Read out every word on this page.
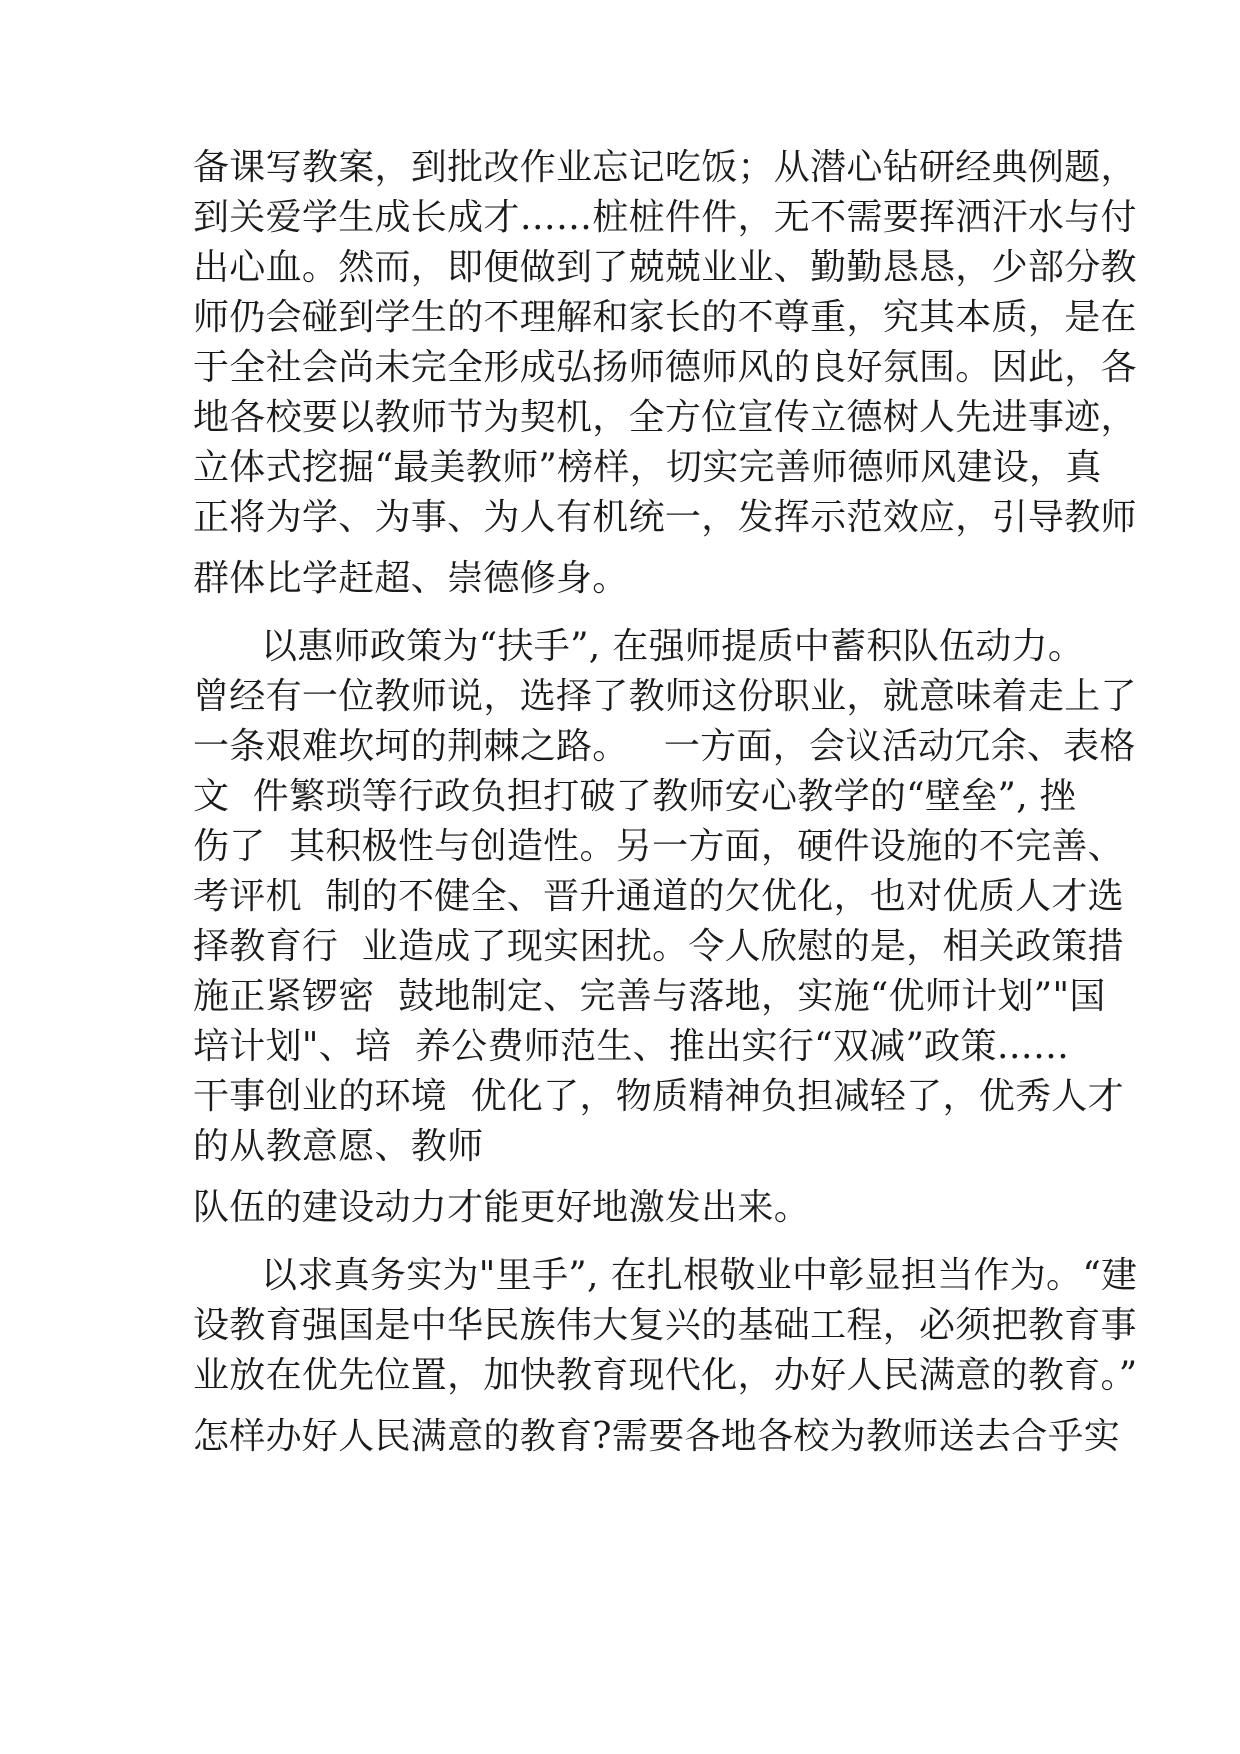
备课写教案，到批改作业忘记吃饭；从潜心钻研经典例题，

到关爱学生成长成才……桩桩件件，无不需要挥洒汗水与付

出心血。然而，即便做到了兢兢业业、勤勤恳恳，少部分教

师仍会碰到学生的不理解和家长的不尊重，究其本质，是在

于全社会尚未完全形成弘扬师德师风的良好氛围。因此，各

地各校要以教师节为契机，全方位宣传立德树人先进事迹，

立体式挖掘“最美教师”榜样，切实完善师德师风建设，真

正将为学、为事、为人有机统一，发挥示范效应，引导教师

群体比学赶超、崇德修身。

以惠师政策为“扶手”, 在强师提质中蓄积队伍动力。

曾经有一位教师说，选择了教师这份职业，就意味着走上了

一条艰难坎坷的荆棘之路。   一方面，会议活动冗余、表格

文  件繁琐等行政负担打破了教师安心教学的“壁垒”, 挫

伤了  其积极性与创造性。另一方面，硬件设施的不完善、

考评机  制的不健全、晋升通道的欠优化，也对优质人才选

择教育行  业造成了现实困扰。令人欣慰的是，相关政策措

施正紧锣密  鼓地制定、完善与落地，实施“优师计划”"国

培计划"、培  养公费师范生、推出实行“双减”政策……

干事创业的环境  优化了，物质精神负担减轻了，优秀人才

的从教意愿、教师

队伍的建设动力才能更好地激发出来。

以求真务实为"里手”, 在扎根敬业中彰显担当作为。“建

设教育强国是中华民族伟大复兴的基础工程，必须把教育事

业放在优先位置，加快教育现代化，办好人民满意的教育。”

怎样办好人民满意的教育?需要各地各校为教师送去合乎实
